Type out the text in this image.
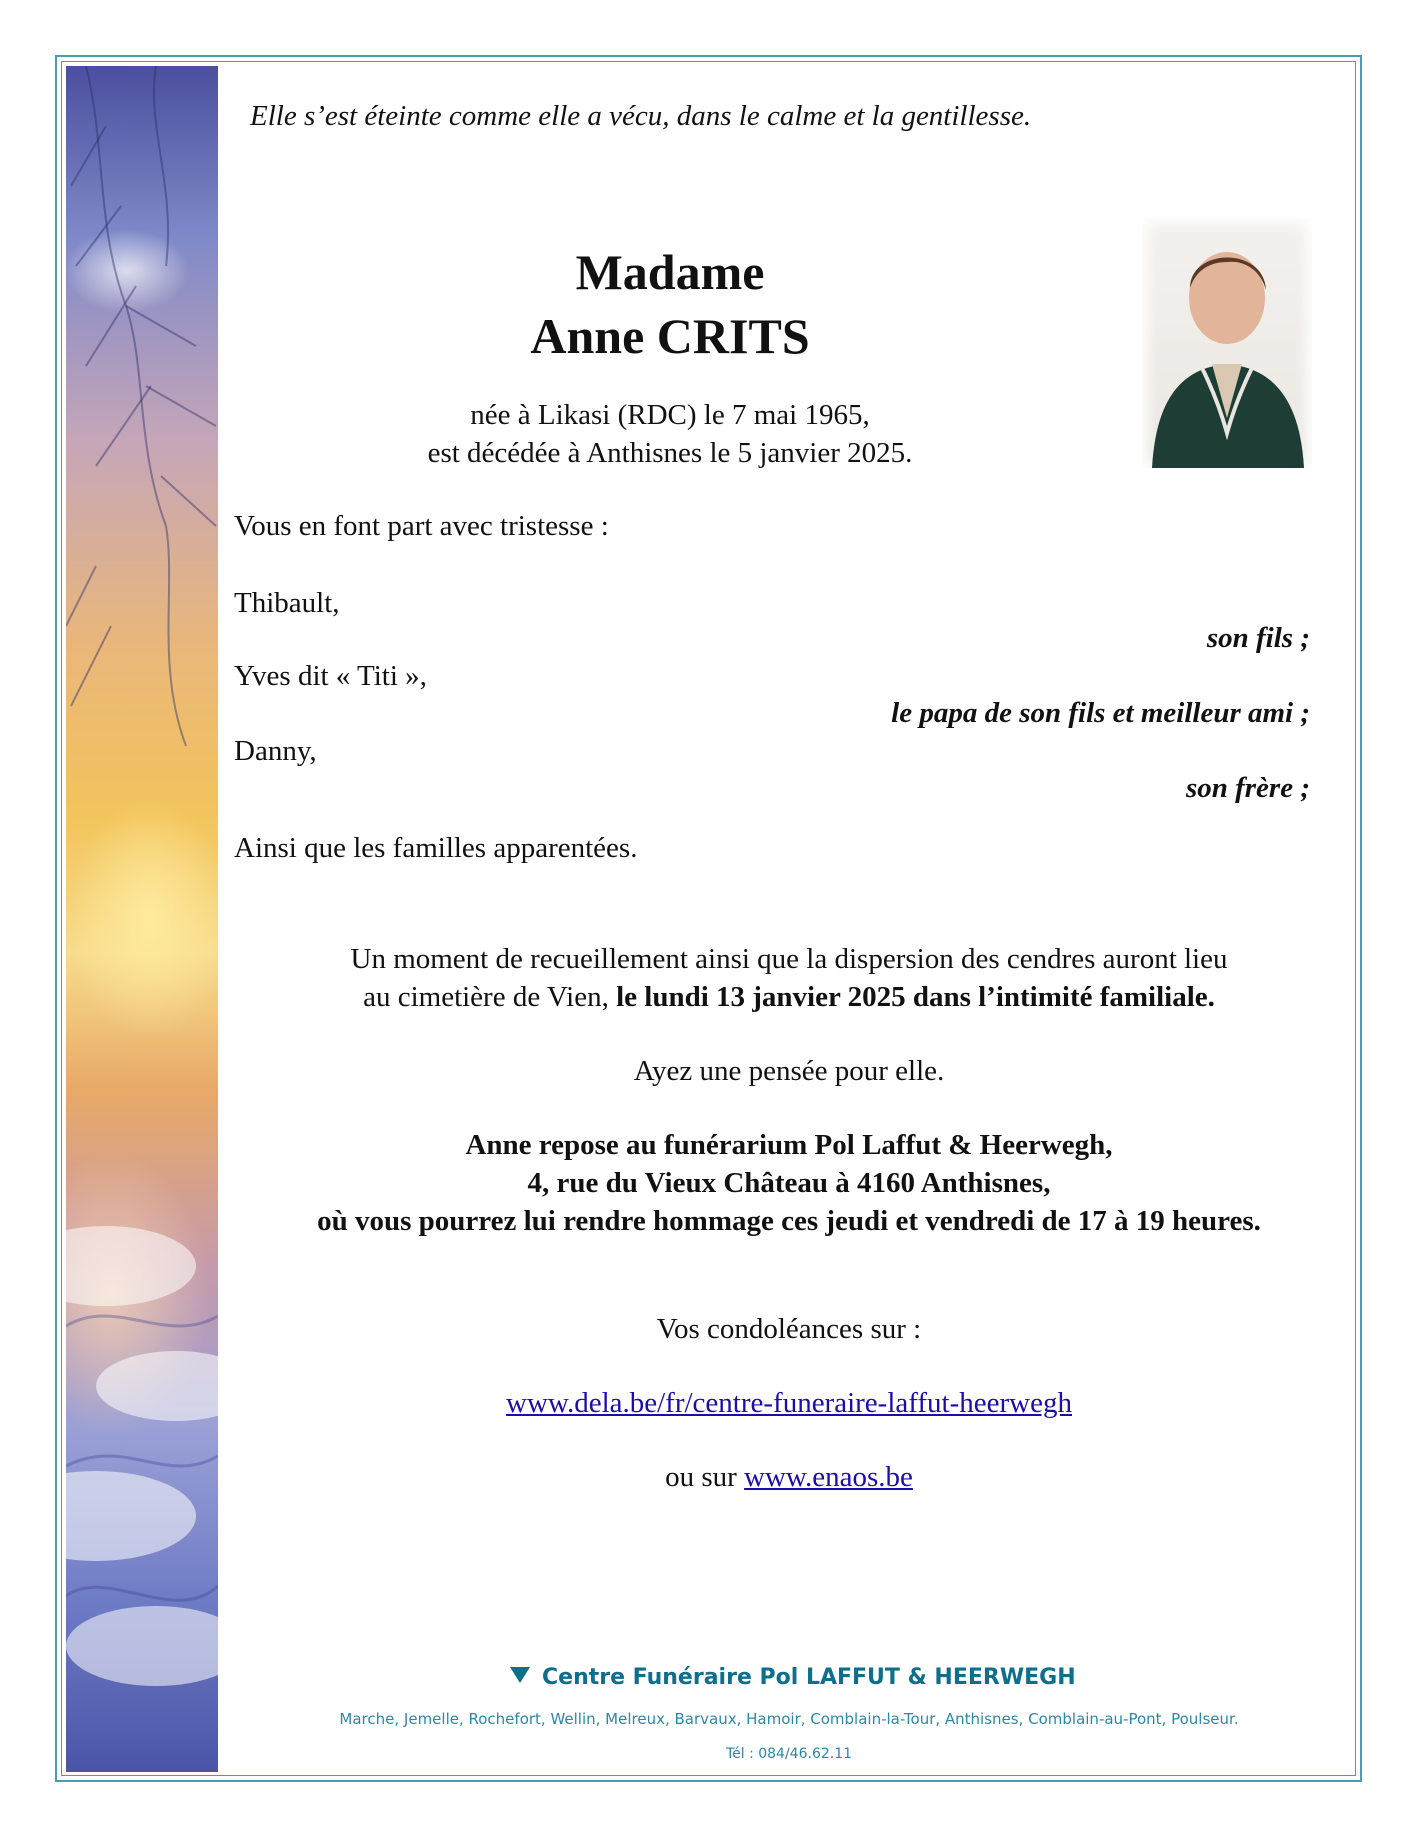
Elle s’est éteinte comme elle a vécu, dans le calme et la gentillesse.
Madame
Anne CRITS
née à Likasi (RDC) le 7 mai 1965,
est décédée à Anthisnes le 5 janvier 2025.
Vous en font part avec tristesse :
Thibault,
son fils ;
Yves dit « Titi »,
le papa de son fils et meilleur ami ;
Danny,
son frère ;
Ainsi que les familles apparentées.
Un moment de recueillement ainsi que la dispersion des cendres auront lieu
au cimetière de Vien, le lundi 13 janvier 2025 dans l’intimité familiale.
Ayez une pensée pour elle.
Anne repose au funérarium Pol Laffut & Heerwegh,
4, rue du Vieux Château à 4160 Anthisnes,
où vous pourrez lui rendre hommage ces jeudi et vendredi de 17 à 19 heures.
Vos condoléances sur :
www.dela.be/fr/centre-funeraire-laffut-heerwegh
ou sur www.enaos.be
Centre Funéraire Pol LAFFUT & HEERWEGH
Marche, Jemelle, Rochefort, Wellin, Melreux, Barvaux, Hamoir, Comblain-la-Tour, Anthisnes, Comblain-au-Pont, Poulseur.
Tél : 084/46.62.11
